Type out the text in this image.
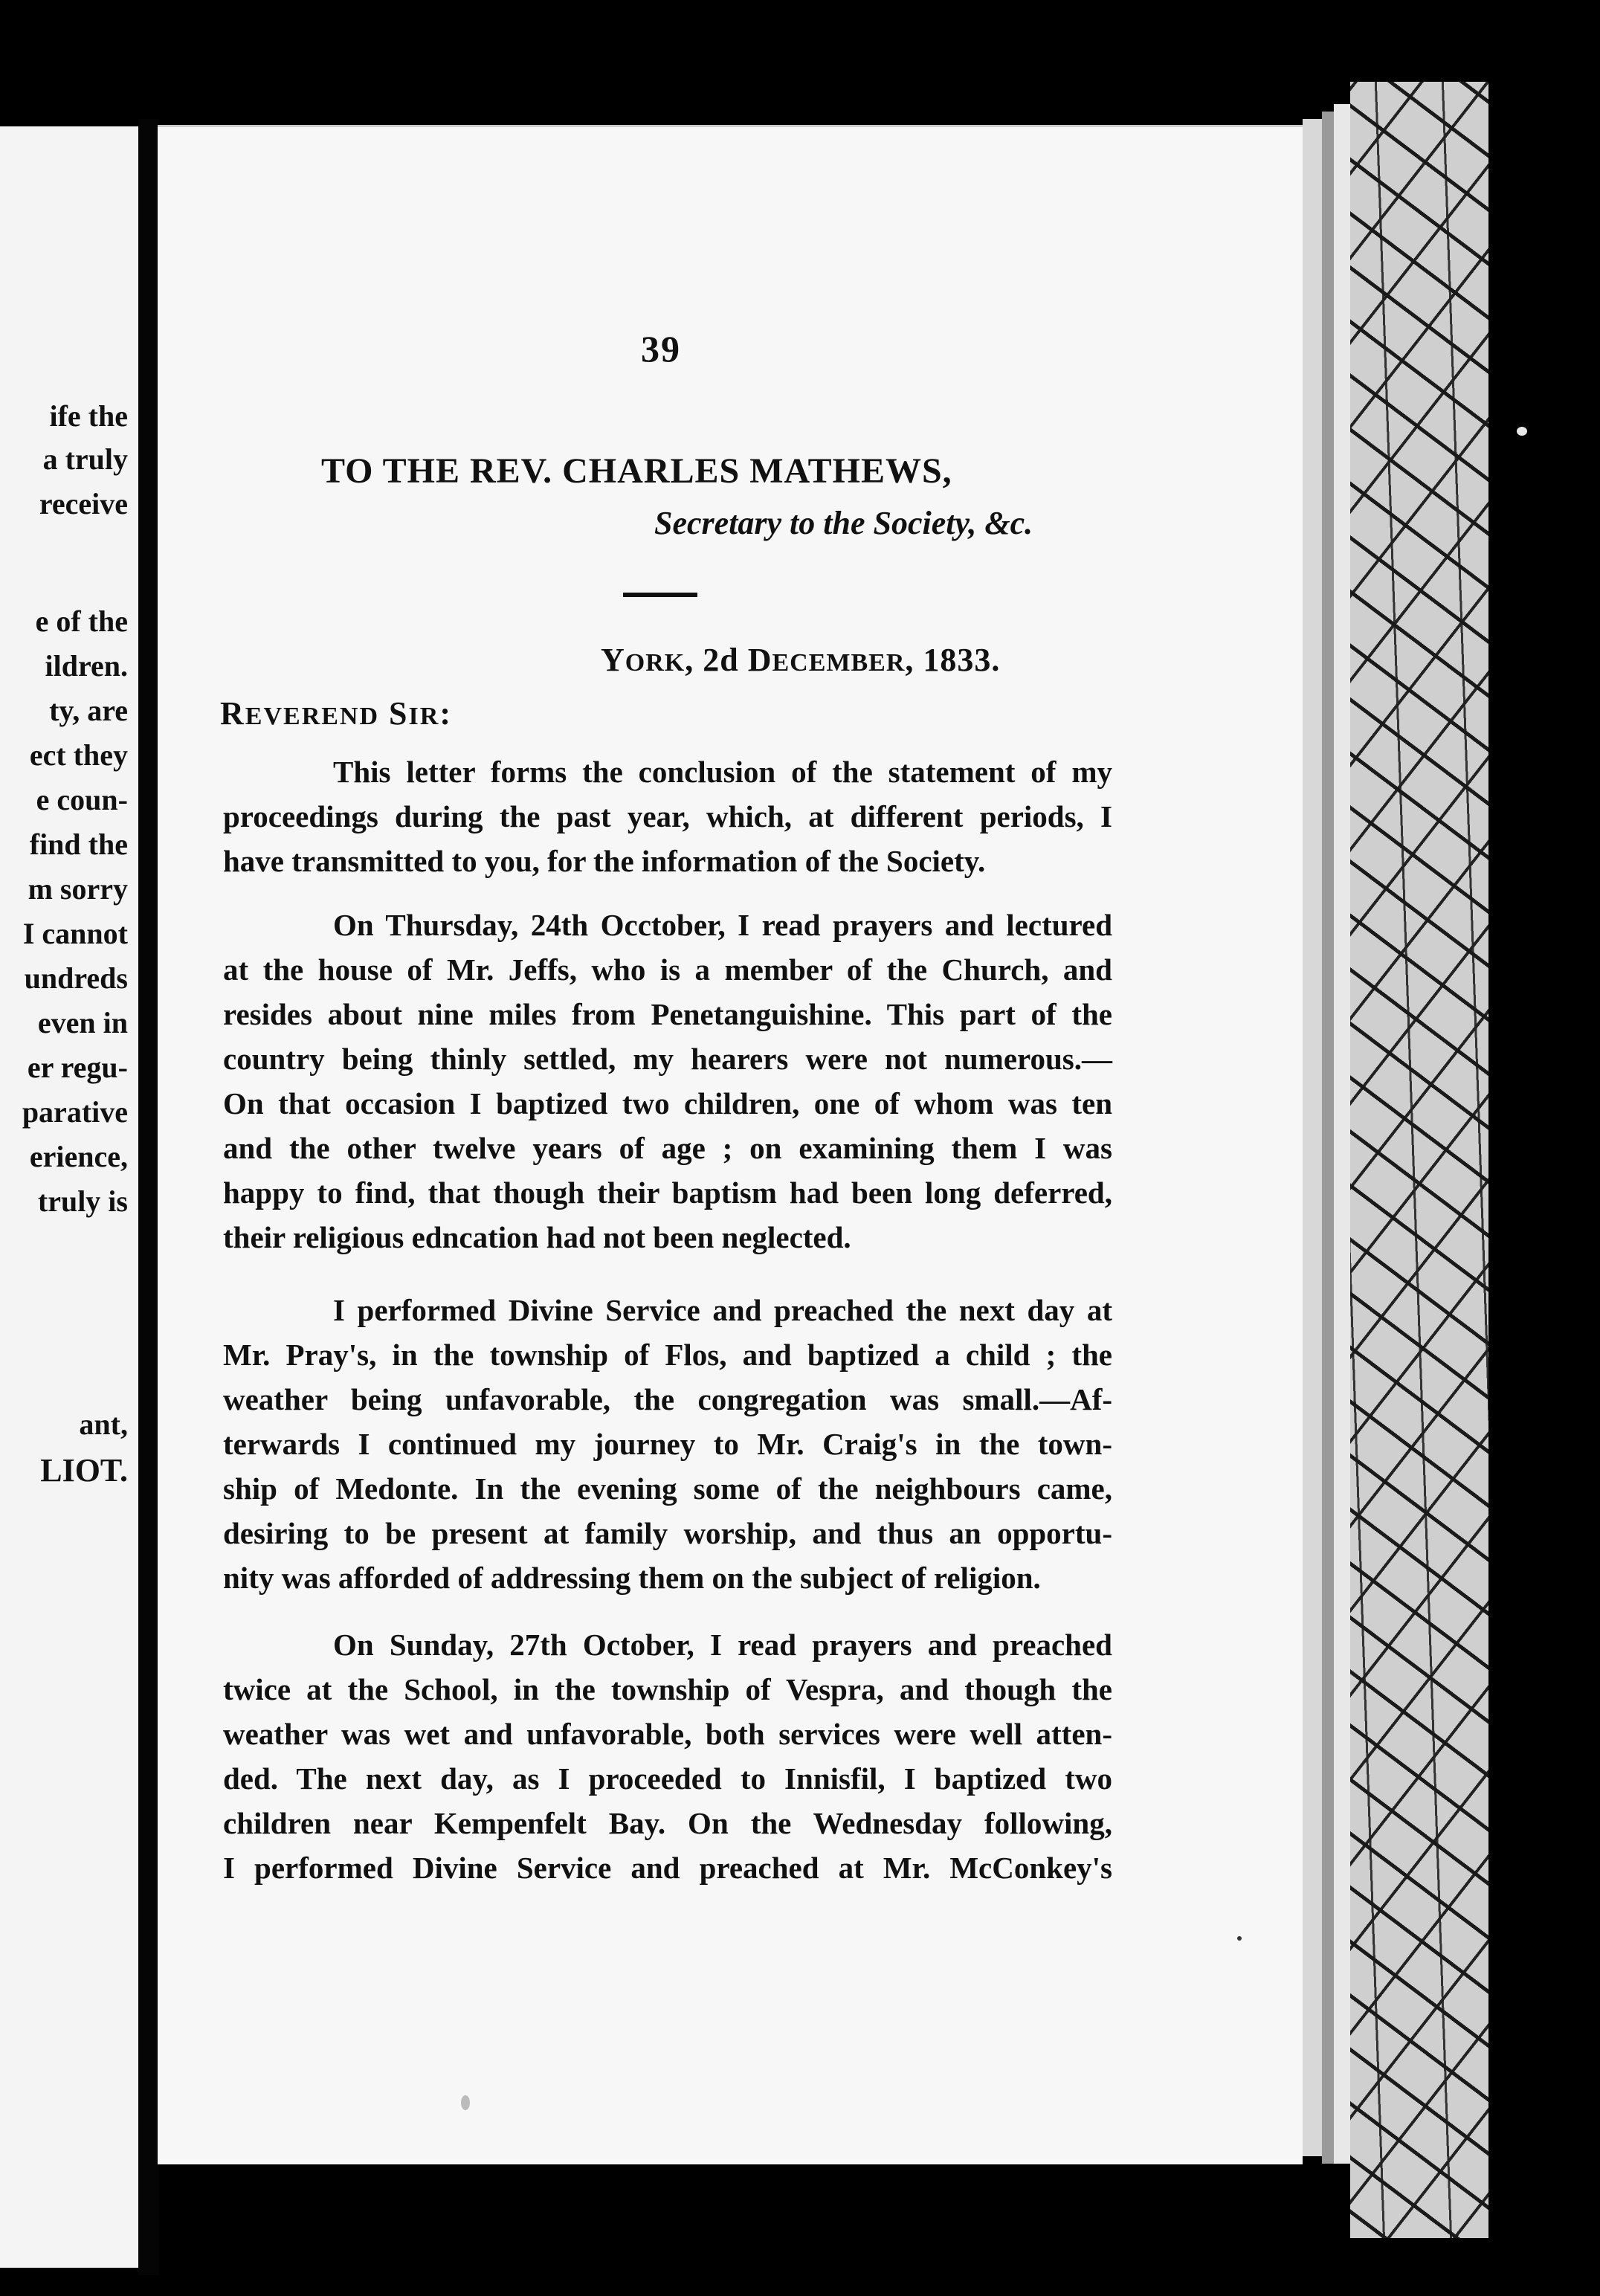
ife the
a truly
receive
e of the
ildren.
ty, are
ect they
e coun-
find the
m sorry
I cannot
undreds
even in
er regu-
parative
erience,
truly is
ant,
LIOT.
39
TO THE REV. CHARLES MATHEWS,
Secretary to the Society, &c.
YORK, 2d DECEMBER, 1833.
REVEREND SIR:
This letter forms the conclusion of the statement of my
proceedings during the past year, which, at different periods, I
have transmitted to you, for the information of the Society.
On Thursday, 24th Occtober, I read prayers and lectured
at the house of Mr. Jeffs, who is a member of the Church, and
resides about nine miles from Penetanguishine. This part of the
country being thinly settled, my hearers were not numerous.—
On that occasion I baptized two children, one of whom was ten
and the other twelve years of age ; on examining them I was
happy to find, that though their baptism had been long deferred,
their religious edncation had not been neglected.
I performed Divine Service and preached the next day at
Mr. Pray's, in the township of Flos, and baptized a child ; the
weather being unfavorable, the congregation was small.—Af-
terwards I continued my journey to Mr. Craig's in the town-
ship of Medonte. In the evening some of the neighbours came,
desiring to be present at family worship, and thus an opportu-
nity was afforded of addressing them on the subject of religion.
On Sunday, 27th October, I read prayers and preached
twice at the School, in the township of Vespra, and though the
weather was wet and unfavorable, both services were well atten-
ded. The next day, as I proceeded to Innisfil, I baptized two
children near Kempenfelt Bay. On the Wednesday following,
I performed Divine Service and preached at Mr. McConkey's
